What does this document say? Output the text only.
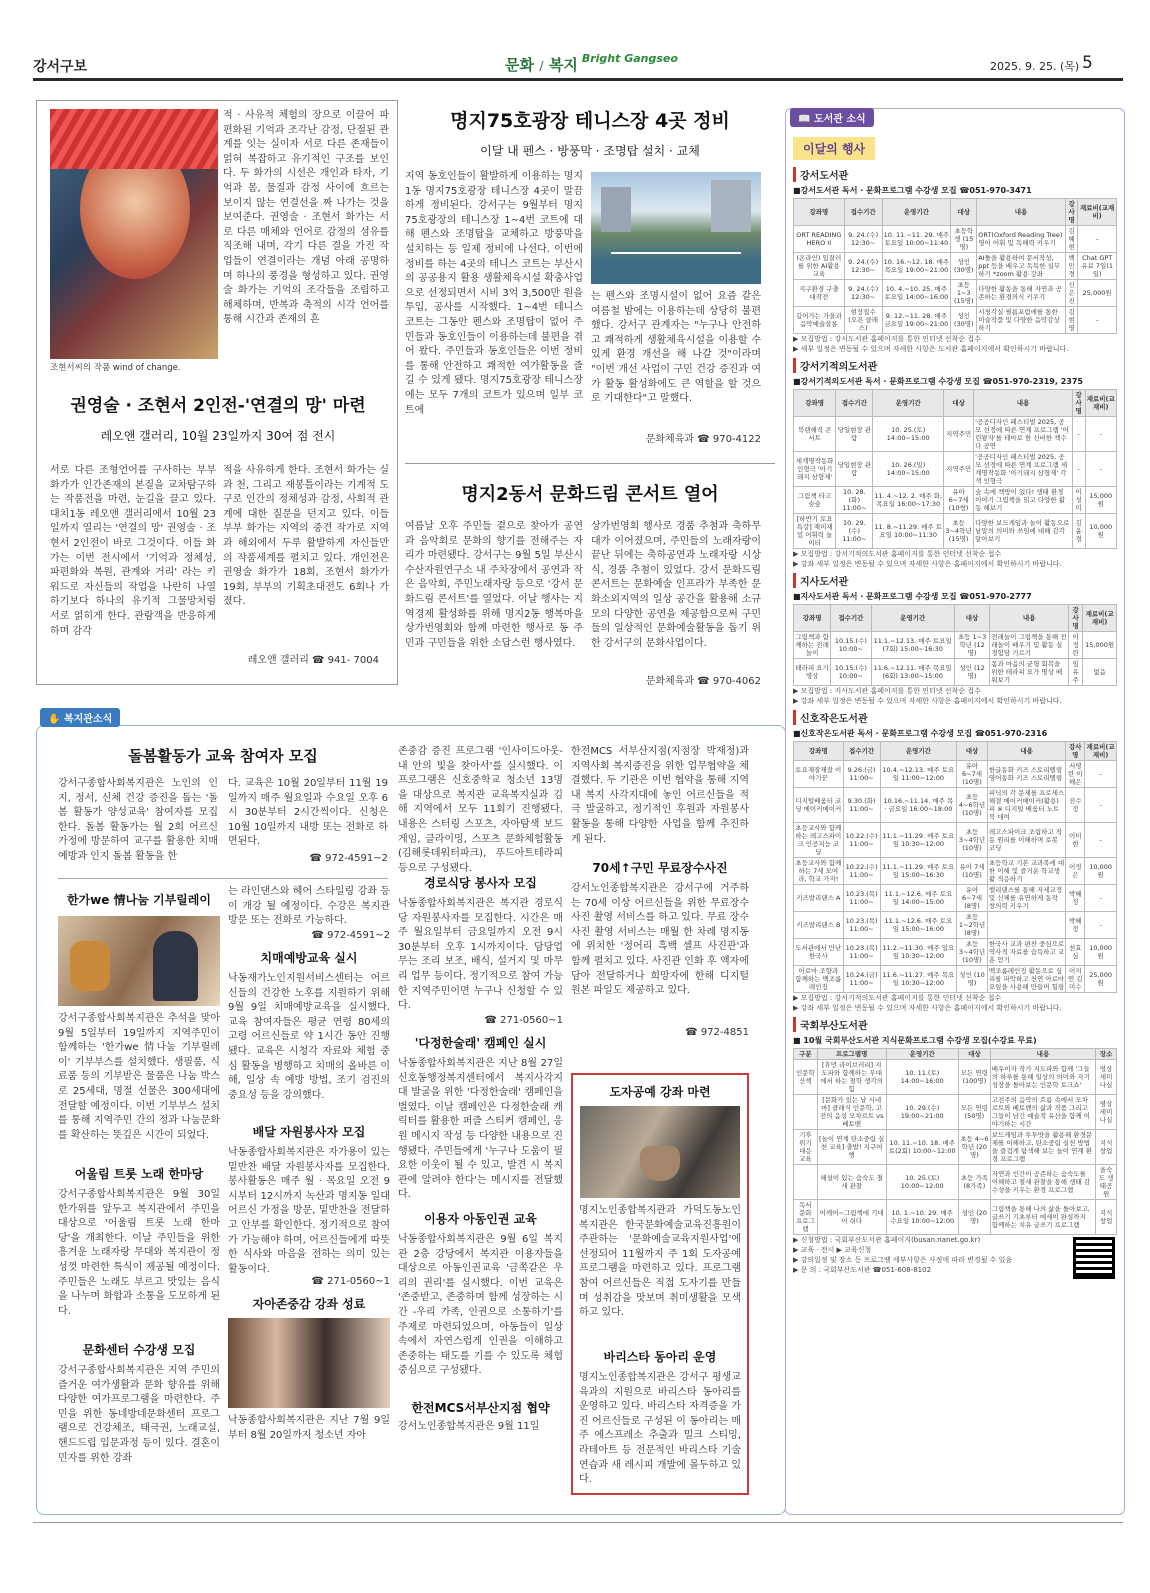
강서구보	문화 / 복지 Bright Gangseo
2025. 9. 25. (목) 5
조현서씨의 작품 wind of change.
적 · 사유적 체험의 장으로 이끌어 파편화된 기억과 조각난 감정, 단절된 관계를 잇는 실이자 서로 다른 존재들이 얽혀 복잡하고 유기적인 구조를 보인다. 두 화가의 시선은 개인과 타자, 기억과 몸, 물질과 감정 사이에 흐르는 보이지 않는 연결선을 짜 나가는 것을 보여준다. 권영술 · 조현서 화가는 서로 다른 매체와 언어로 감정의 섬유를 직조해 내며, 각기 다른 결을 가진 작업들이 연결이라는 개념 아래 공명하며 하나의 풍경을 형성하고 있다. 권영술 화가는 기억의 조각들을 조립하고 해체하며, 반복과 축적의 시각 언어를 통해 시간과 존재의 흔
권영술 · 조현서 2인전-'연결의 망' 마련
레오앤 갤러리, 10월 23일까지 30여 점 전시
서로 다른 조형언어를 구사하는 부부 화가가 인간존재의 본질을 교차탐구하는 작품전을 마련, 눈길을 끌고 있다. 대치1동 레오앤 갤러리에서 10월 23일까지 열리는 '연결의 망' 권영술 · 조현서 2인전이 바로 그것이다. 이들 화가는 이번 전시에서 '기억과 정체성, 파편화와 복원, 관계와 거리' 라는 키워드로 자신들의 작업을 나란히 나열하기보다 하나의 유기적 그물망처럼 서로 얽히게 한다. 관람객을 반응하게 하며 감각
적을 사유하게 한다. 조현서 화가는 실과 천, 그리고 재봉틀이라는 기계적 도구로 인간의 정체성과 감정, 사회적 관계에 대한 질문을 던지고 있다. 이들 부부 화가는 지역의 중견 작가로 지역과 해외에서 두루 활발하게 자신들만의 작품세계를 펼치고 있다. 개인전은 권영술 화가가 18회, 조현서 화가가 19회, 부부의 기획초대전도 6회나 가졌다.
레오앤 갤러리 ☎ 941- 7004
명지75호광장 테니스장 4곳 정비
이달 내 펜스 · 방풍막 · 조명탑 설치 · 교체
지역 동호인들이 활발하게 이용하는 명지1동 명지75호광장 테니스장 4곳이 말끔하게 정비된다. 강서구는 9월부터 명지75호광장의 테니스장 1~4번 코트에 대해 펜스와 조명탑을 교체하고 방풍막을 설치하는 등 일제 정비에 나선다. 이번에 정비를 하는 4곳의 테니스 코트는 부산시의 공공용지 활용 생활체육시설 확충사업으로 선정되면서 시비 3억 3,500만 원을 투입, 공사를 시작했다. 1~4번 테니스 코트는 그동안 펜스와 조명탑이 없어 주민들과 동호인들이 이용하는데 불편을 겪어 왔다. 주민들과 동호인들은 이번 정비를 통해 안전하고 쾌적한 여가활동을 즐길 수 있게 됐다. 명지75호광장 테니스장에는 모두 7개의 코트가 있으며 일부 코트에
는 펜스와 조명시설이 없어 요즘 같은 여름철 밤에는 이용하는데 상당히 불편했다. 강서구 관계자는 "누구나 안전하고 쾌적하게 생활체육시설을 이용할 수 있게 환경 개선을 해 나갈 것"이라며 "이번 개선 사업이 구민 건강 증진과 여가 활동 활성화에도 큰 역할을 할 것으로 기대한다"고 말했다.
문화체육과 ☎ 970-4122
명지2동서 문화드림 콘서트 열어
여름날 오후 주민들 곁으로 찾아가 공연과 음악회로 문화의 향기를 전해주는 자리가 마련됐다. 강서구는 9월 5일 부산시 수산자원연구소 내 주차장에서 공연과 작은 음악회, 주민노래자랑 등으로 '강서 문화드림 콘서트'를 열었다. 이날 행사는 지역경제 활성화를 위해 명지2동 행복마을 상가번영회와 함께 마련한 행사로 동 주민과 구민들을 위한 소답스런 행사였다.
상가번영회 행사로 경품 추첨과 축하무대가 이어졌으며, 주민들의 노래자랑이 끝난 뒤에는 축하공연과 노래자랑 시상식, 경품 추첨이 있었다. 강서 문화드림 콘서트는 문화예술 인프라가 부족한 문화소외지역의 일상 공간을 활용해 소규모의 다양한 공연을 제공함으로써 구민들의 일상적인 문화예술활동을 돕기 위한 강서구의 문화사업이다.
문화체육과 ☎ 970-4062
✋ 복지관소식
돌봄활동가 교육 참여자 모집
강서구종합사회복지관은 노인의 인지, 정서, 신체 건강 증진을 돕는 '돌봄 활동가 양성교육' 참여자를 모집한다. 돌봄 활동가는 월 2회 어르신 가정에 방문하여 교구를 활용한 치매 예방과 인지 돌봄 활동을 한
다. 교육은 10월 20일부터 11월 19일까지 매주 월요일과 수요일 오후 6시 30분부터 2시간씩이다. 신청은 10월 10일까지 내방 또는 전화로 하면된다.
☎ 972-4591~2
한가we 情나눔 기부릴레이
강서구종합사회복지관은 추석을 맞아 9월 5일부터 19일까지 지역주민이 함께하는 '한가we 情나눔 기부릴레이' 기부부스를 설치했다. 생필품, 식료품 등의 기부받은 물품은 나눔 박스로 25세대, 명절 선물은 300세대에 전달할 예정이다. 이번 기부부스 설치를 통해 지역주민 간의 정과 나눔문화를 확산하는 뜻깊은 시간이 되었다.
어울림 트롯 노래 한마당
강서구종합사회복지관은 9월 30일 한가위를 앞두고 복지관에서 주민을 대상으로 '어울림 트롯 노래 한마당'을 개최한다. 이날 주민들을 위한 흥겨운 노래자랑 무대와 복지관이 정성껏 마련한 특식이 제공될 예정이다. 주민들은 노래도 부르고 맛있는 음식을 나누며 화합과 소통을 도모하게 된다.
문화센터 수강생 모집
강서구종합사회복지관은 지역 주민의 즐거운 여가생활과 문화 향유를 위해 다양한 여가프로그램을 마련한다. 주민을 위한 동네방네문화센터 프로그램으로 건강체조, 태극권, 노래교실, 핸드드립 입문과정 등이 있다. 결혼이민자를 위한 강좌
는 라인댄스와 헤어 스타일링 강좌 등이 개강 될 예정이다. 수강은 복지관 방문 또는 전화로 가능하다.
☎ 972-4591~2
치매예방교육 실시
낙동재가노인지원서비스센터는 어르신들의 건강한 노후를 지원하기 위해 9월 9일 치매예방교육을 실시했다. 교육 참여자들은 평균 연령 80세의 고령 어르신들로 약 1시간 동안 진행됐다. 교육은 시청각 자료와 체험 중심 활동을 병행하고 치매의 올바른 이해, 일상 속 예방 방법, 조기 검진의 중요성 등을 강의했다.
배달 자원봉사자 모집
낙동종합사회복지관은 자가용이 있는 밑반찬 배달 자원봉사자를 모집한다. 봉사활동은 매주 월 · 목요일 오전 9시부터 12시까지 녹산과 명지동 일대 어르신 가정을 방문, 밑반찬을 전달하고 안부를 확인한다. 정기적으로 참여가 가능해야 하며, 어르신들에게 따뜻한 식사와 마음을 전하는 의미 있는 활동이다.
☎ 271-0560~1
자아존중감 강좌 성료
낙동종합사회복지관은 지난 7월 9일부터 8월 20일까지 청소년 자아
존중감 증진 프로그램 '인사이드아웃-내 안의 빛을 찾아서'를 실시했다. 이 프로그램은 신호중학교 청소년 13명을 대상으로 복지관 교육복지실과 김해 지역에서 모두 11회기 진행됐다. 내용은 스터링 스포츠, 자아탐색 보드게임, 클라이밍, 스포츠 문화체험활동(김해롯데워터파크), 푸드아트테라피 등으로 구성됐다.
경로식당 봉사자 모집
낙동종합사회복지관은 복지관 경로식당 자원봉사자를 모집한다. 시간은 매주 월요일부터 금요일까지 오전 9시 30분부터 오후 1시까지이다. 담당업무는 조리 보조, 배식, 설거지 및 마무리 업무 등이다. 정기적으로 참여 가능한 지역주민이면 누구나 신청할 수 있다.
☎ 271-0560~1
'다정한술래' 캠페인 실시
낙동종합사회복지관은 지난 8월 27일 신호동행정복지센터에서 복지사각지대 발굴을 위한 '다정한술래' 캠페인을 벌였다. 이날 캠페인은 다정한술래 캐릭터를 활용한 퍼즐 스티커 캠페인, 응원 메시지 작성 등 다양한 내용으로 진행됐다. 주민들에게 '누구나 도움이 필요한 이웃이 될 수 있고, 발견 시 복지관에 알려야 한다'는 메시지를 전달했다.
이용자 아동인권 교육
낙동종합사회복지관은 9월 6일 복지관 2층 강당에서 복지관 이용자들을 대상으로 아동인권교육 '금쪽같은 우리의 권리'를 실시했다. 이번 교육은 '존중받고, 존중하며 함께 성장하는 시간 -우리 가족, 인권으로 소통하기'를 주제로 마련되었으며, 아동들이 일상 속에서 자연스럽게 인권을 이해하고 존중하는 태도를 기를 수 있도록 체험 중심으로 구성됐다.
한전MCS서부산지점 협약
강서노인종합복지관은 9월 11일
한전MCS 서부산지점(지점장 박재정)과 지역사회 복지증진을 위한 업무협약을 체결했다. 두 기관은 이번 협약을 통해 지역 내 복지 사각지대에 놓인 어르신들을 적극 발굴하고, 정기적인 후원과 자원봉사활동을 통해 다양한 사업을 함께 추진하게 된다.
70세↑구민 무료장수사진
강서노인종합복지관은 강서구에 거주하는 70세 이상 어르신들을 위한 무료장수사진 촬영 서비스를 하고 있다. 무료 장수사진 촬영 서비스는 매월 한 차례 명지동에 위치한 '정어리 흑백 셀프 사진관'과 함께 펼치고 있다. 사진관 인화 후 액자에 담아 전달하거나 희망자에 한해 디지털 원본 파일도 제공하고 있다.
☎ 972-4851
도자공예 강좌 마련
명지노인종합복지관과 가덕도동노인복지관은 한국문화예술교육진흥원이 주관하는 '문화예술교육지원사업'에 선정되어 11월까지 주 1회 도자공예 프로그램을 마련하고 있다. 프로그램 참여 어르신들은 직접 도자기를 만들며 성취감을 맛보며 취미생활을 모색하고 있다.
바리스타 동아리 운영
명지노인종합복지관은 강서구 평생교육과의 지원으로 바리스타 동아리를 운영하고 있다. 바리스타 자격증을 가진 어르신들로 구성된 이 동아리는 매주 에스프레소 추출과 밀크 스티밍, 라테아트 등 전문적인 바리스타 기술 연습과 새 레시피 개발에 몰두하고 있다.
📖 도서관 소식
이달의 행사
강서도서관
■강서도서관 독서 · 문화프로그램 수강생 모집 ☎051-970-3471
강좌명	접수기간	운영기간	대상	내용	강사명	재료비(교재비)
ORT READING HERO II	9. 24.(수) 12:30~	10. 11.~11. 29. 매주 토요일 10:00~11:40	초등학생 (15명)	ORT(Oxford Reading Tree) 영어 어휘 및 독해력 키우기	김혜현	-
(온라인) 일잘러를 위한 AI활용교육	9. 24.(수) 12:30~	10. 16.~12. 18. 매주 목요일 19:00~21:00	성인 (30명)	AI툴을 활용하여 문서작성, ppt 등을 배우고 독특한 실무하기 *zoom 활용 강좌	백민경	Chat GPT 유료 7일(1일)
지구환경 구출 대작전	9. 24.(수) 12:30~	10. 4.~10. 25. 매주 토요일 14:00~16:00	초등 1~3 (15명)	다양한 활동을 통해 자연과 공존하는 환경의식 키우기	신은진	25,000원
길어가는 가을과 음악예술살롱	현장접수 (오픈 클래스)	9. 12.~11. 28. 매주 금요일 19:00~21:00	성인 (30명)	시청각실 필름포럼에를 통한 미술작품 및 다양한 음악감상하기	김현영	-
▶ 모집방법 : 강서도서관 홈페이지를 통한 인터넷 선착순 접수
▶ 세부 일정은 변동될 수 있으며 자세한 사항은 도서관 홈페이지에서 확인하시기 바랍니다.
강서기적의도서관
■강서기적의도서관 독서 · 문화프로그램 수강생 모집 ☎051-970-2319, 2375
강좌명	접수기간	운영기간	대상	내용	강사명	재료비(교재비)
북랜해직 콘서트	당일현장 관람	10. 25.(토) 14:00~15:00	지역주민	'공공디자인 페스티벌 2025, 공모 선정에 따른 연계 프로그램 '어린왕자'를 테마로 한 신비한 책수다 공연	-	-
세계명작동화 인형극 '아기돼지 삼형제'	당일현장 관람	10. 26.(일) 14:00~15:00	지역주민	'공공디자인 페스티벌 2025, 공모 선정에 따른 연계 프로그램 세계명작동화 '아기돼지 삼형제' 각색 인형극	-	-
그림책 타고 숲숲	10. 28.(화) 11:00~	11. 4.~12. 2. 매주 화, 목요일 16:00~17:30	유아 6~7세 (10쌍)	숲 속에 책방이 있다! 생태 환경 이야기 그림책을 읽고 다양한 활동 해보기	이성미	15,000원
[하반기 토요특강] 재미재밌 어휘력 놀이터	10. 29.(수) 11:00~	11. 8.~11.29. 매주 토요일 10:00~11:30	초등 3~4학년 (15명)	다양한 보드게임과 놀이 활동으로 낱말의 의미와 쓰임에 대해 감각 알아보기	김윤경	10,000원
▶ 모집방법 : 강서기적의도서관 홈페이지를 통한 인터넷 선착순 접수
▶ 강좌 세부 일정은 변동될 수 있으며 자세한 사항은 홈페이지에서 확인하시기 바랍니다.
지사도서관
■지사도서관 독서 · 문화프로그램 수강생 모집 ☎051-970-2777
강좌명	접수기간	운영기간	대상	내용	강사명	재료비(교재비)
그림책과 함께하는 전래놀이	10.15.(수) 10:00~	11.1.~12.13. 매주 토요일 (7회) 15:00~16:30	초등 1~3학년 (12명)	전래놀이 그림책을 통해 전래놀이 배우기 및 활동 실 경험담 기르기	이정란	15,000원
테라피 요가명상	10.15.(수) 10:00~	11.6.~12.11. 매주 목요일 (6회) 13:00~15:00	성인 (12명)	몸과 마음의 균형 회복을 위한 테라피 요가 명상 배워보기	임유주	없음
▶ 모집방법 : 지사도서관 홈페이지를 통한 인터넷 선착순 접수
▶ 강좌 세부 일정은 변동될 수 있으며 자세한 사항은 홈페이지에서 확인하시기 바랍니다.
신호작은도서관
■신호작은도서관 독서 · 문화프로그램 수강생 모집 ☎051-970-2316
강좌명	접수기간	운영기간	대상	내용	강사명	재료비(교재비)
토요재잘재잘 이야기꾼	9.26.(금) 11:00~	10.4.~12.13. 매주 토요일 11:00~12:00	유아 6~7세 (10명)	한글동화 키즈 스토리텔링 영어동화 키즈 스토리텔링	서영란 이해은	-
디지털배움터 코딩 메이커메이커	9.30.(화) 11:00~	10.16.~11.14. 매주 목 · 금요일 16:00~18:00	초등 4~6학년 (10명)	피닉의 각 문제를 프로세스 해결 메이커메이커(활용) 피 ※ 디지털 배움터 노트북 대여	진수정	-
초등교사와 함께하는 레고스파이크 인공지능 코딩	10.22.(수) 11:00~	11.1.~11.29. 매주 토요일 10:30~12:00	초등 3~4학년 (10명)	레고스파이크 조립하고 작동 원리를 이해하며 로봇 코딩	이미현	-
초등교사와 함께하는 7세 모여라, 학교 가자!	10.22.(수) 11:00~	11.1.~11.29. 매주 토요일 15:00~16:30	유아 7세 (10명)	초등학교 기본 교과목에 대한 이해 및 즐거운 학교생활 적응하기	이정은	10,000원
키즈발리댄스 A	10.23.(목) 11:00~	11.1.~12.6. 매주 토요일 14:00~15:00	유아 6~7세 (8명)	밸리댄스를 통해 자세교정 및 신체를 유연하게 동작 창의력 키우기	박혜정	-
키즈발리댄스 B	10.23.(목) 11:00~	11.1.~12.6. 매주 토요일 15:00~16:00	초등 1~2학년 (8명)		박혜정	-
도서관에서 만난 한국사	10.23.(목) 11:00~	11.2.~11.30. 매주 일요일 10:30~12:00	초등 3~4학년 (10명)	한국사 교과 편찬 중심으로 역사적 자료를 습득하고 교훈 얻기	천효심	10,000원
아로마 조향과 함께하는 백조롬레인징	10.24.(금) 11:00~	11.6.~11.27. 매주 목요일 10:30~12:00	성인 (10명)	백조롬레인징 활동으로 심리를 파악하고 천연 아로마오일을 사용해 만들며 힐링	이지연 김미수	25,000원
▶ 모집방법 : 강서기적의도서관 홈페이지를 통한 인터넷 선착순 접수
▶ 강좌 세부 일정은 변동될 수 있으며 자세한 사항은 홈페이지에서 확인하시기 바랍니다.
국회부산도서관
■ 10월 국회부산도서관 지식문화프로그램 수강생 모집(수강료 무료)
구분	프로그램명	운영기간	대상	내용	장소
인문학 산책	[휴먼 라이브러리] 지도파와 함께하는 무대에서 하는 철학 생각의 힘	10. 11.(토) 14:00~16:00	모든 연령 (100명)	배우이자 작가 지도파와 함께 '그들의 하루를 통해 일상의 의미와 자기 성장을 돌아보는 인문학 토크쇼'	영상 세미나실
	[문화가 있는 날 시네마] 클래식 인문학, 고전의 음성 모차르트 vs 베토벤	10. 29.(수) 19:00~21:00	모든 연령 (50명)	고전주의 음악의 흐름 속에서 모차르트와 베토벤의 삶과 작품 그리고 그들이 남긴 예술적 유산을 함께 이야기하는 시간	영상 세미나실
기후 위기 대응 교육	[놀이 연계 탄소중립 실천 교육] 출발! 지구여행	10. 11.~10. 18. 매주 토(2회) 10:00~12:00	초등 4~6학년 (20명)	보드게임과 투투밧을 활용해 환경문제를 이해하고, 탄소중립 실천 방법을 즐겁게 탐색해 보는 놀이 연계 환경 프로그램	지식창업
	해설이 있는 숨숙도 철새 관찰	10. 25.(토) 10:00~12:00	초등 가족 (8가족)	자연과 인간이 공존하는 숨숙도를 이해하고 철새 관찰을 통해 생태 감수성을 키우는 환경 프로그램	을숙도 생태공원
독서 문화 프로그램	어깨어~그림책에 기대어 쉬다	10. 1.~10. 29. 매주 수요일 10:00~12:00	성인 (20명)	그림책을 통해 나의 삶을 돌아보고, 글쓰기 기초부터 에세이 완성까지 함께하는 치유 글쓰기 프로그램	지식창업
▶ 신청방법 : 국회부산도서관 홈페이지(busan.nanet.go.kr)
▶ 교육 · 전시 ▶ 교육신청
▶ 강의일정 및 장소 등 프로그램 세부사항은 사정에 따라 변경될 수 있음
▶ 문 의 : 국회부산도서관 ☎051-608-8102
